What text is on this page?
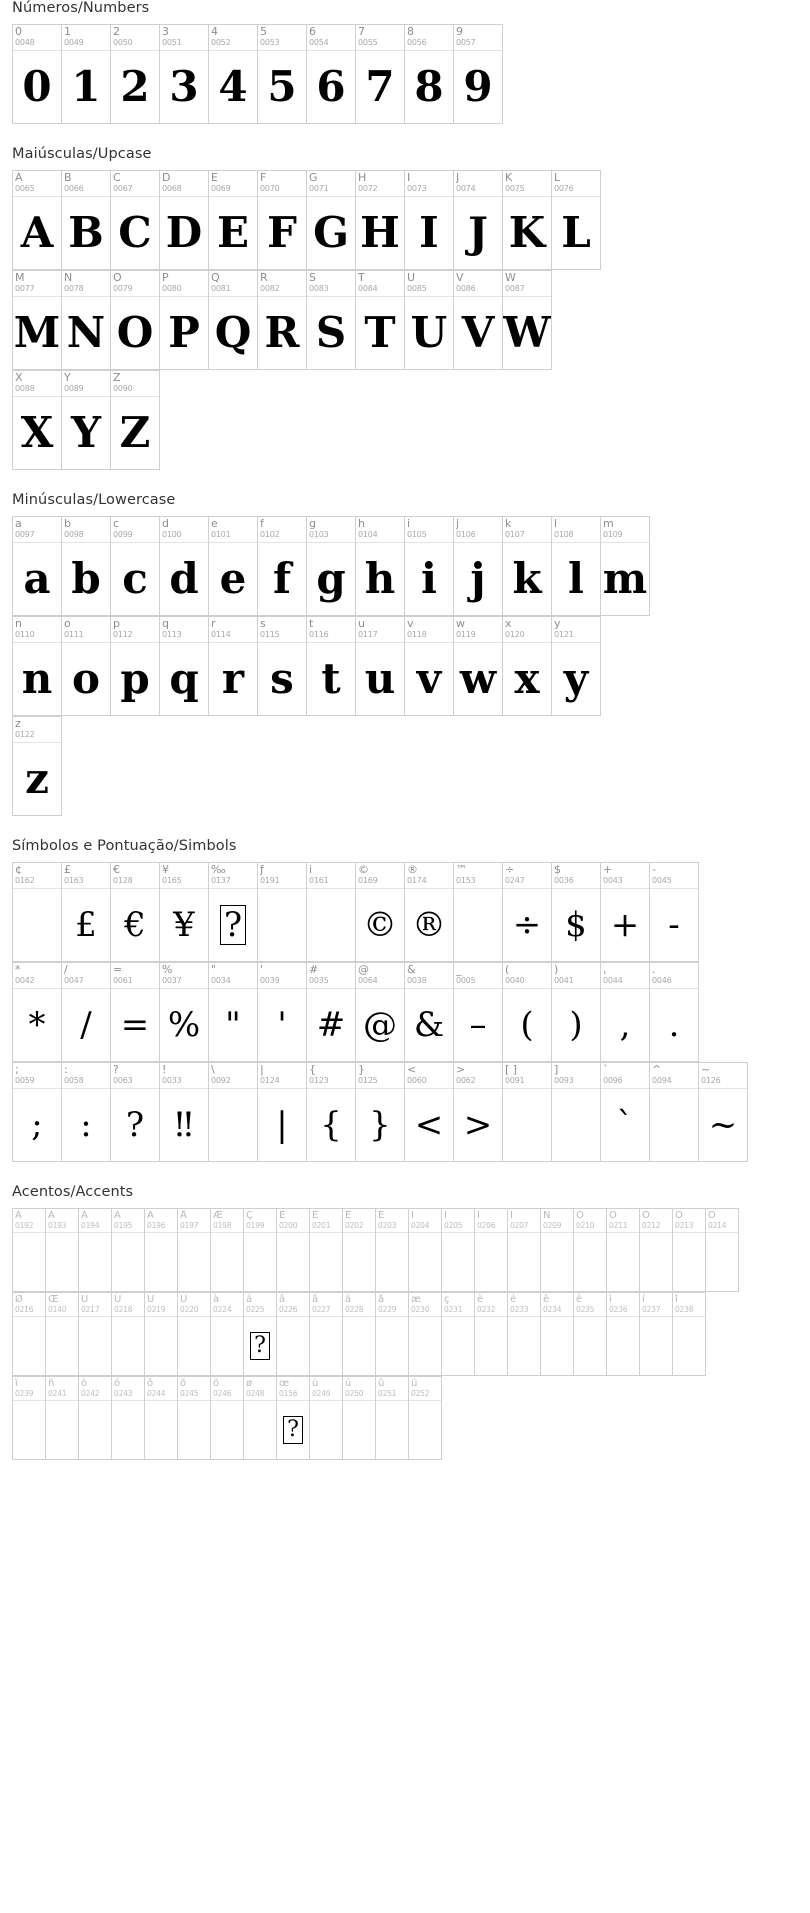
Números/Numbers
0
0048
0
1
0049
1
2
0050
2
3
0051
3
4
0052
4
5
0053
5
6
0054
6
7
0055
7
8
0056
8
9
0057
9
Maiúsculas/Upcase
A
0065
A
B
0066
B
C
0067
C
D
0068
D
E
0069
E
F
0070
F
G
0071
G
H
0072
H
I
0073
I
J
0074
J
K
0075
K
L
0076
L
M
0077
M
N
0078
N
O
0079
O
P
0080
P
Q
0081
Q
R
0082
R
S
0083
S
T
0084
T
U
0085
U
V
0086
V
W
0087
W
X
0088
X
Y
0089
Y
Z
0090
Z
Minúsculas/Lowercase
a
0097
a
b
0098
b
c
0099
c
d
0100
d
e
0101
e
f
0102
f
g
0103
g
h
0104
h
i
0105
i
j
0106
j
k
0107
k
l
0108
l
m
0109
m
n
0110
n
o
0111
o
p
0112
p
q
0113
q
r
0114
r
s
0115
s
t
0116
t
u
0117
u
v
0118
v
w
0119
w
x
0120
x
y
0121
y
z
0122
z
Símbolos e Pontuação/Simbols
¢
0162
£
0163
£
€
0128
€
¥
0165
¥
‰
0137
?
ƒ
0191
i
0161
©
0169
©
®
0174
®
™
0153
÷
0247
÷
$
0036
$
+
0043
+
-
0045
-
*
0042
*
/
0047
/
=
0061
=
%
0037
%
"
0034
"
'
0039
'
#
0035
#
@
0064
@
&
0038
&
_
0005
–
(
0040
(
)
0041
)
,
0044
,
.
0046
.
;
0059
;
:
0058
:
?
0063
?
!
0033
‼
\
0092
|
0124
|
{
0123
{
}
0125
}
<
0060
<
>
0062
>
[ ]
0091
]
0093
`
0096
`
^
0094
~
0126
~
Acentos/Accents
À
0192
Á
0193
Â
0194
Ã
0195
Ä
0196
Å
0197
Æ
0198
Ç
0199
È
0200
É
0201
Ê
0202
Ë
0203
Ì
0204
Í
0205
Î
0206
Ï
0207
Ñ
0209
Ò
0210
Ó
0211
Ô
0212
Õ
0213
Ö
0214
Ø
0216
Œ
0140
Ù
0217
Ú
0218
Û
0219
Ü
0220
à
0224
á
0225
?
â
0226
ã
0227
ä
0228
å
0229
æ
0230
ç
0231
è
0232
é
0233
ê
0234
ë
0235
ì
0236
í
0237
î
0238
ï
0239
ñ
0241
ò
0242
ó
0243
ô
0244
õ
0245
ö
0246
ø
0248
œ
0156
?
ù
0249
ú
0250
û
0251
ü
0252
